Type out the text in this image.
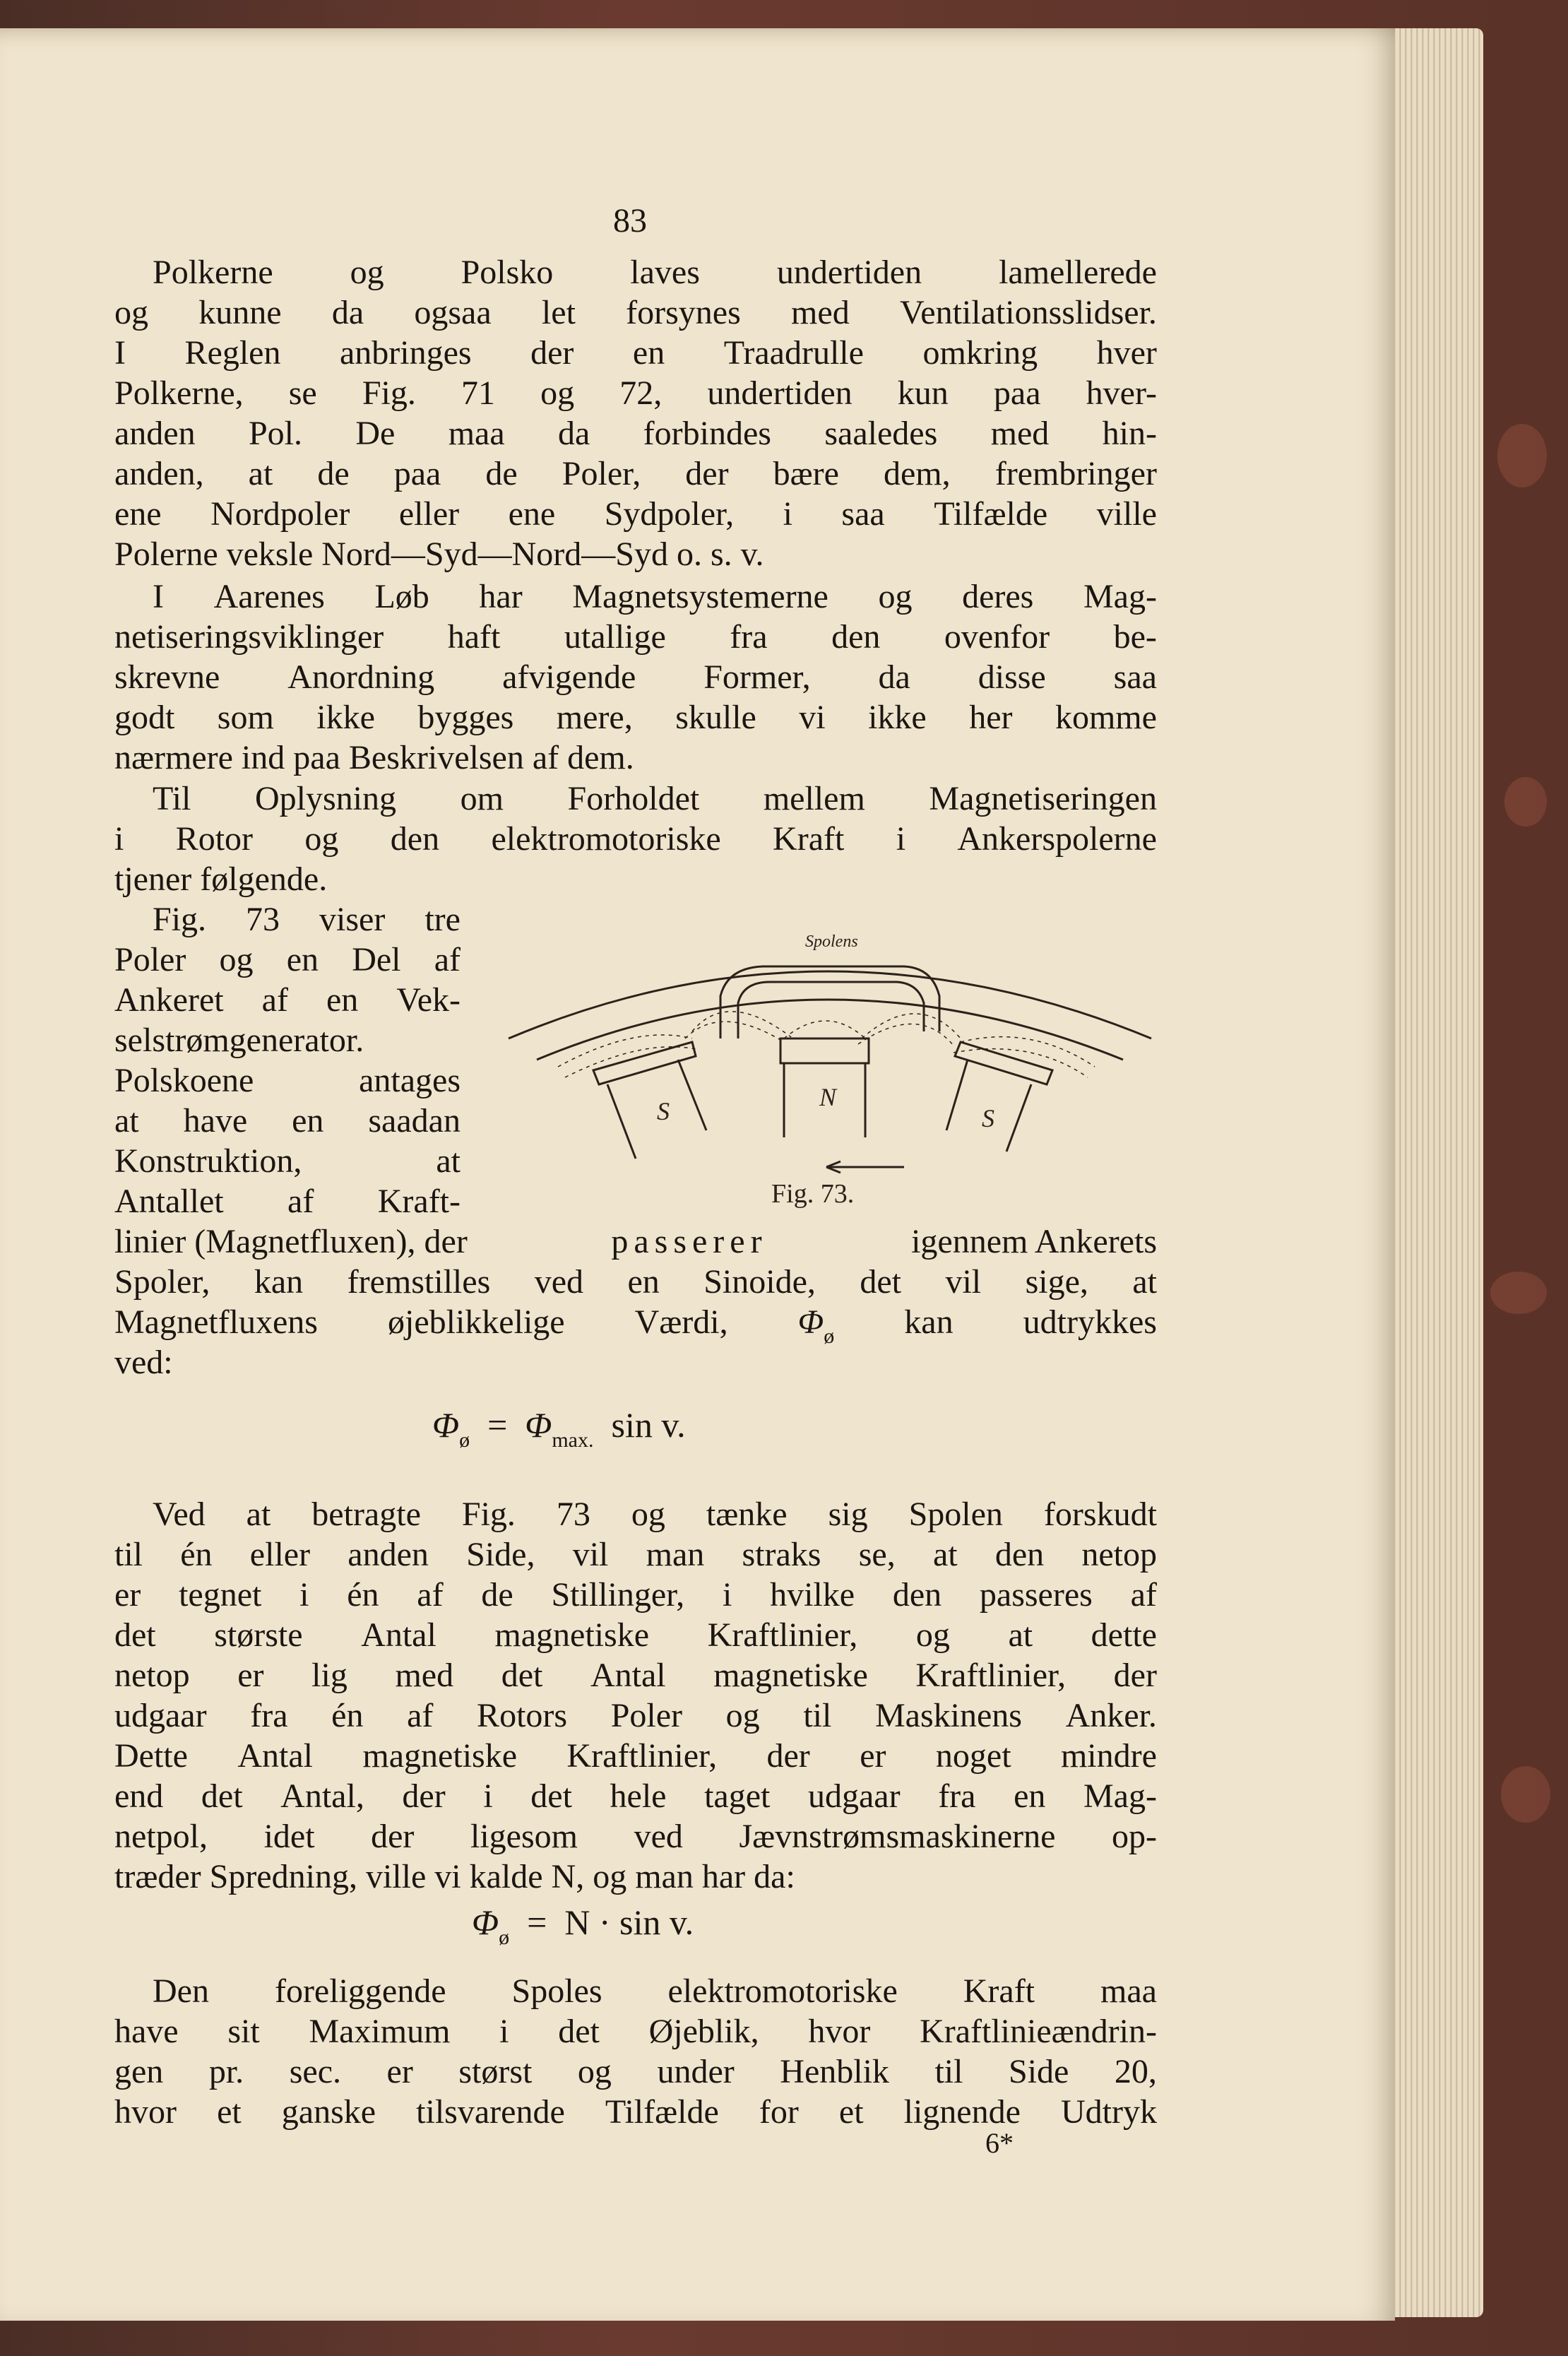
83
Polkerne og Polsko laves undertiden lamellerede
og kunne da ogsaa let forsynes med Ventilationsslidser.
I Reglen anbringes der en Traadrulle omkring hver
Polkerne, se Fig. 71 og 72, undertiden kun paa hver-
anden Pol. De maa da forbindes saaledes med hin-
anden, at de paa de Poler, der bære dem, frembringer
ene Nordpoler eller ene Sydpoler, i saa Tilfælde ville
Polerne veksle Nord—Syd—Nord—Syd o. s. v.
I Aarenes Løb har Magnetsystemerne og deres Mag-
netiseringsviklinger haft utallige fra den ovenfor be-
skrevne Anordning afvigende Former, da disse saa
godt som ikke bygges mere, skulle vi ikke her komme
nærmere ind paa Beskrivelsen af dem.
Til Oplysning om Forholdet mellem Magnetiseringen
i Rotor og den elektromotoriske Kraft i Ankerspolerne
tjener følgende.
Fig. 73 viser tre
Poler og en Del af
Ankeret af en Vek-
selstrømgenerator.
Polskoene	antages
at have en saadan
Konstruktion,	at
Antallet af Kraft-
linier (Magnetfluxen), der	passerer	igennem Ankerets
Spoler, kan fremstilles ved en Sinoide, det vil sige, at
Magnetfluxens øjeblikkelige Værdi, $\Phi_ø$ kan udtrykkes
ved:
S	N
S
Spolens
Fig. 73.
$\Phi_ø = \Phi_{max.}$ sin v.
Ved at betragte Fig. 73 og tænke sig Spolen forskudt
til én eller anden Side, vil man straks se, at den netop
er tegnet i én af de Stillinger, i hvilke den passeres af
det største Antal magnetiske Kraftlinier, og at dette
netop er lig med det Antal magnetiske Kraftlinier, der
udgaar fra én af Rotors Poler og til Maskinens Anker.
Dette Antal magnetiske Kraftlinier, der er noget mindre
end det Antal, der i det hele taget udgaar fra en Mag-
netpol, idet der ligesom ved Jævnstrømsmaskinerne op-
træder Spredning, ville vi kalde N, og man har da:
$\Phi_ø = N \cdot \sin v$.
Den foreliggende Spoles elektromotoriske Kraft maa
have sit Maximum i det Øjeblik, hvor Kraftlinieændrin-
gen pr. sec. er størst og under Henblik til Side 20,
hvor et ganske tilsvarende Tilfælde for et lignende Udtryk
6*
